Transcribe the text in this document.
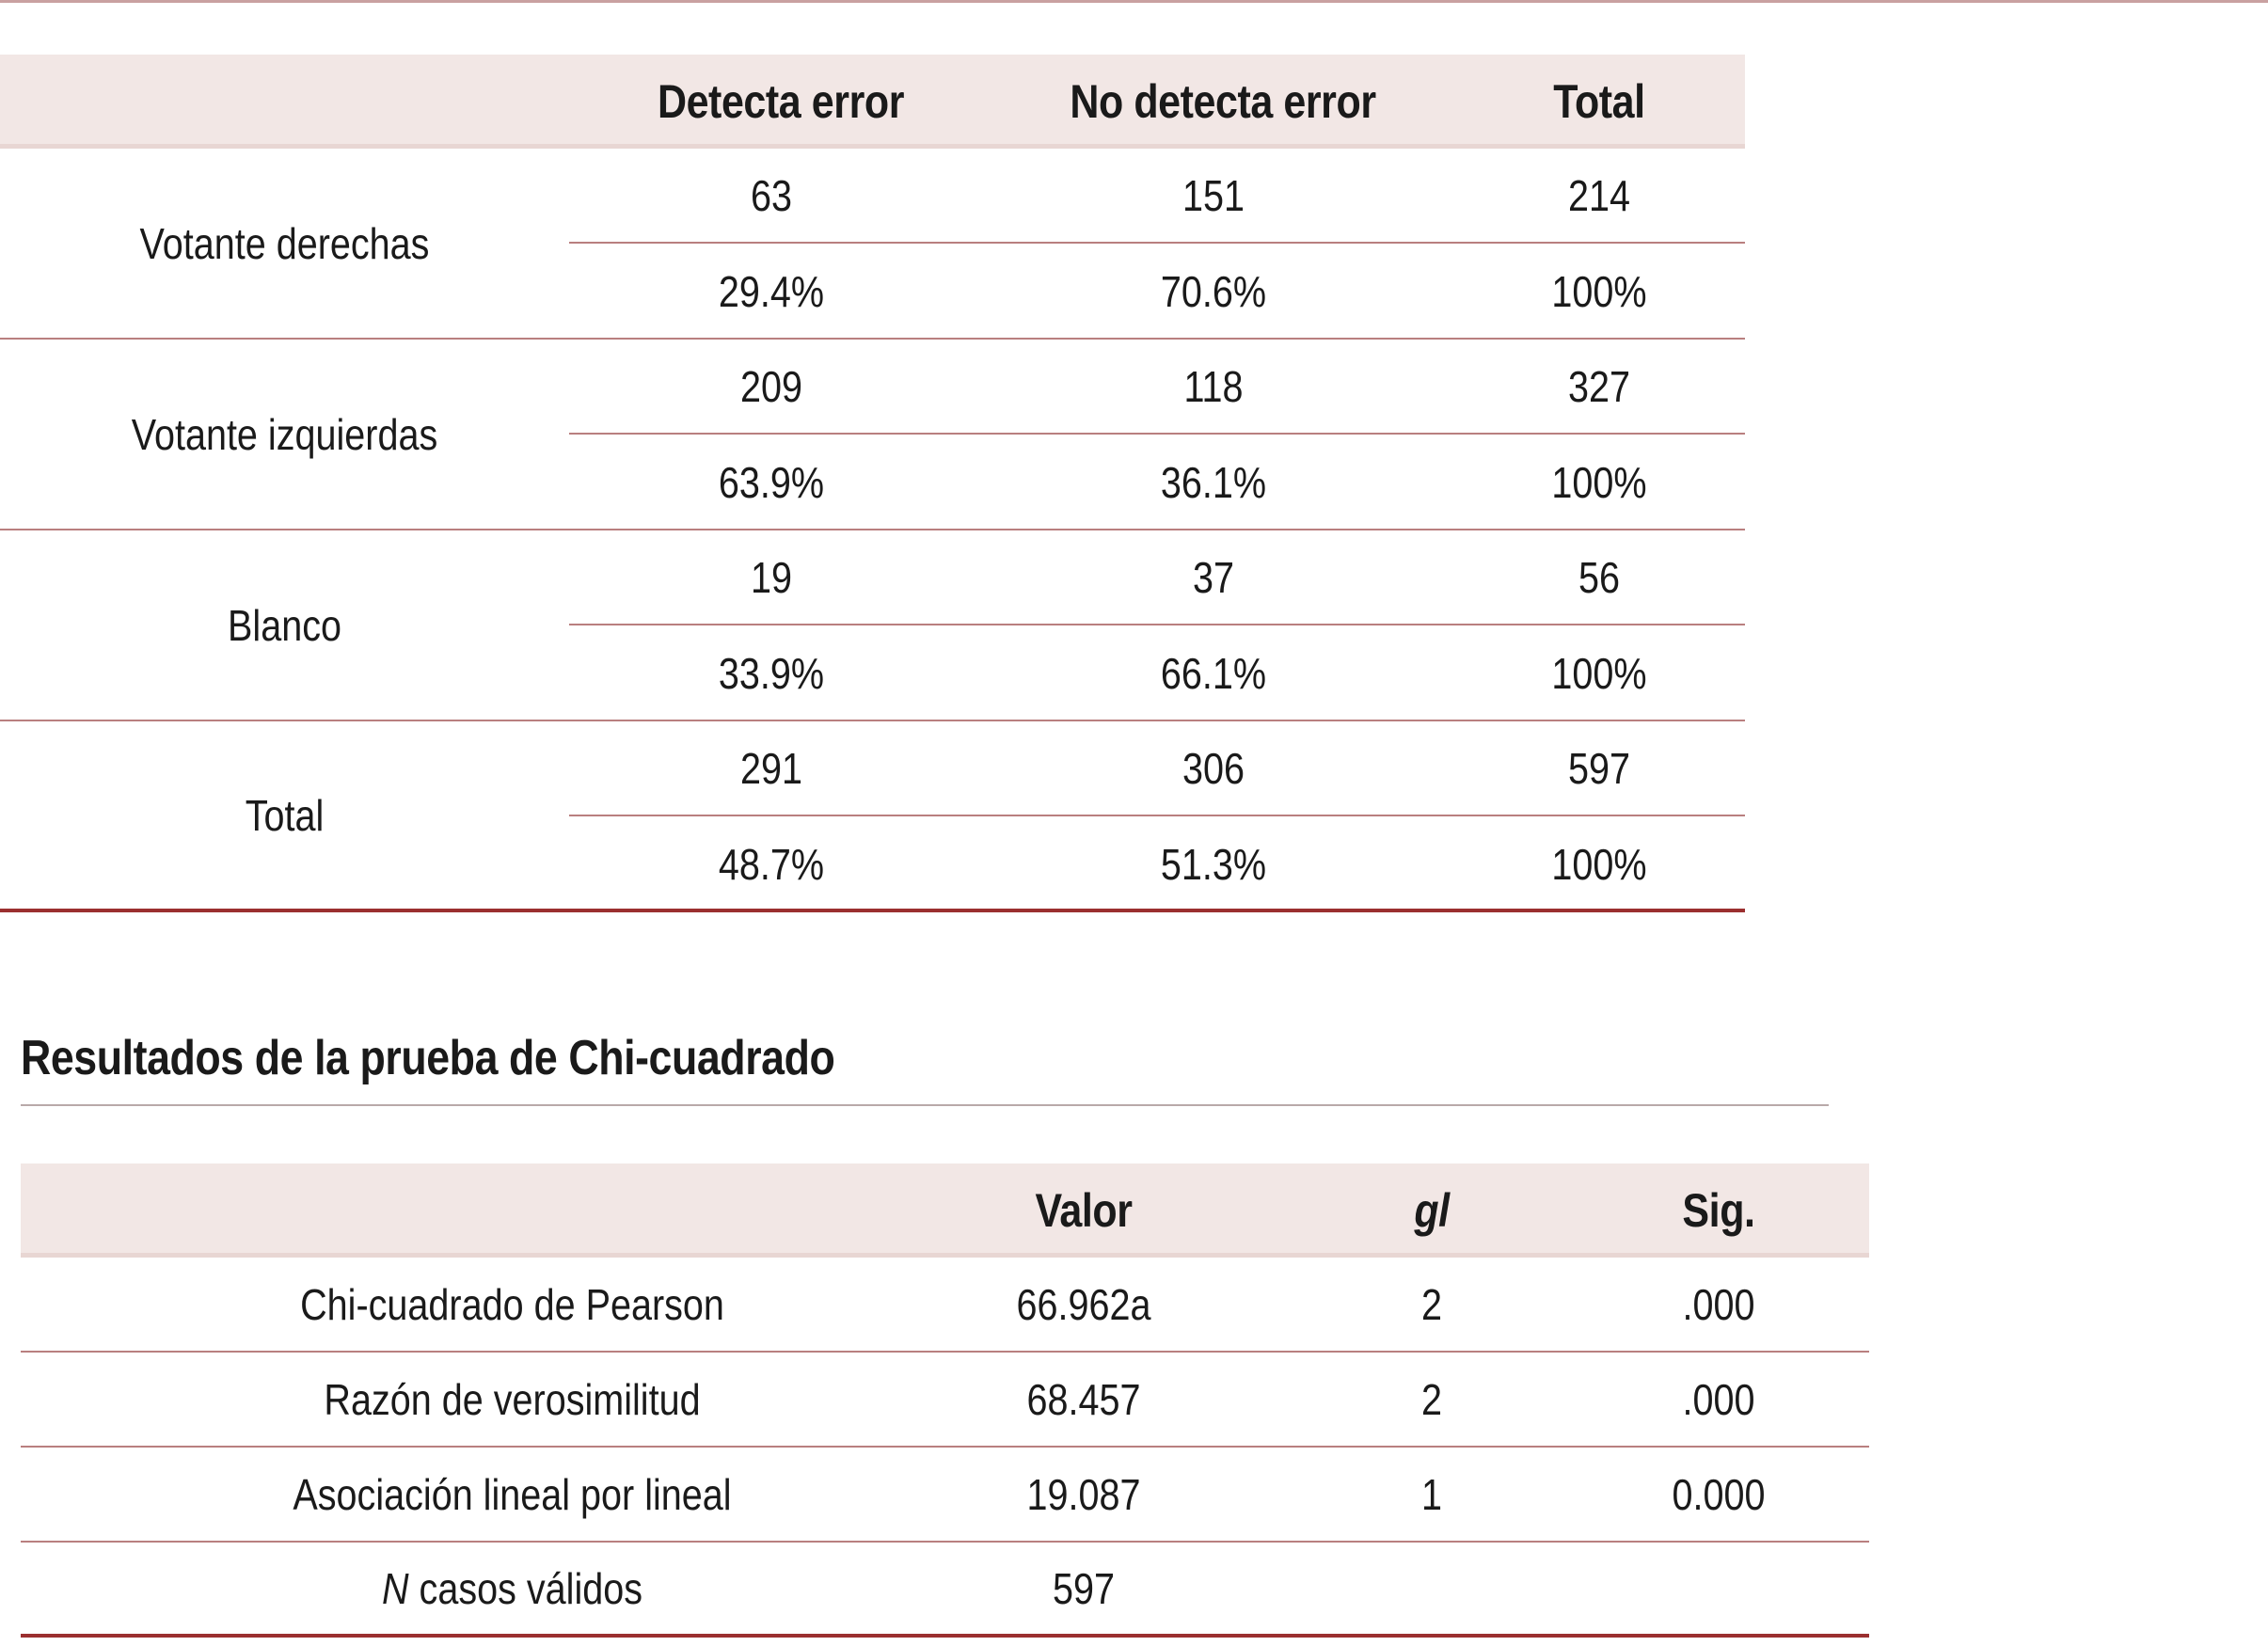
Detecta error	No detecta error	Total
Votante derechas
63	151	214
29.4%	70.6%	100%
Votante izquierdas
209	118	327
63.9%	36.1%	100%
Blanco
19	37	56
33.9%	66.1%	100%
Total
291	306	597
48.7%	51.3%	100%
Resultados de la prueba de Chi-cuadrado
Valor	gl	Sig.
Chi-cuadrado de Pearson	66.962a	2	.000
Razón de verosimilitud	68.457	2	.000
Asociación lineal por lineal	19.087	1	0.000
N casos válidos	597
